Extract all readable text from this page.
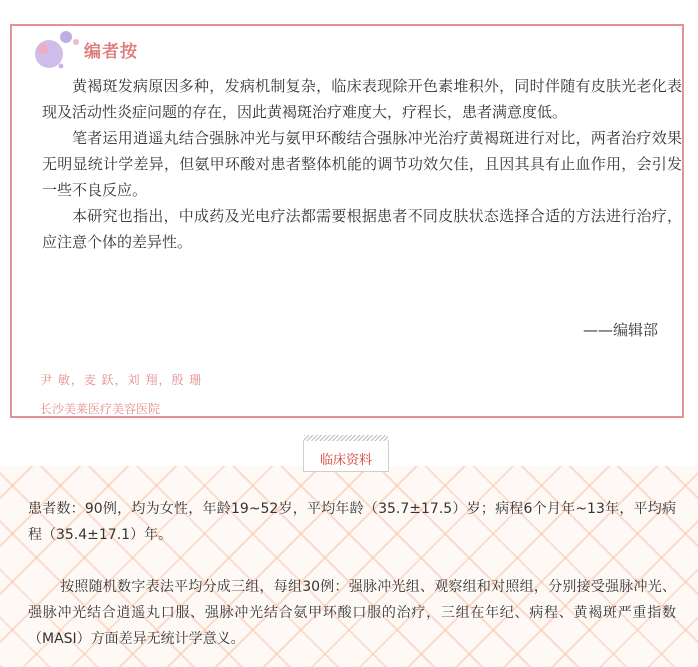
编者按

黄褐斑发病原因多种，发病机制复杂，临床表现除开色素堆积外，同时伴随有皮肤光老化表现及活动性炎症问题的存在，因此黄褐斑治疗难度大，疗程长，患者满意度低。

笔者运用逍遥丸结合强脉冲光与氨甲环酸结合强脉冲光治疗黄褐斑进行对比，两者治疗效果无明显统计学差异，但氨甲环酸对患者整体机能的调节功效欠佳，且因其具有止血作用，会引发一些不良反应。

本研究也指出，中成药及光电疗法都需要根据患者不同皮肤状态选择合适的方法进行治疗，应注意个体的差异性。

——编辑部
尹 敏，麦 跃，刘 翔，殷 珊
长沙美莱医疗美容医院
临床资料

患者数：90例，均为女性，年龄19~52岁，平均年龄（35.7±17.5）岁；病程6个月年~13年，平均病程（35.4±17.1）年。

按照随机数字表法平均分成三组，每组30例：强脉冲光组、观察组和对照组，分别接受强脉冲光、强脉冲光结合逍遥丸口服、强脉冲光结合氨甲环酸口服的治疗，三组在年纪、病程、黄褐斑严重指数（MASI）方面差异无统计学意义。
